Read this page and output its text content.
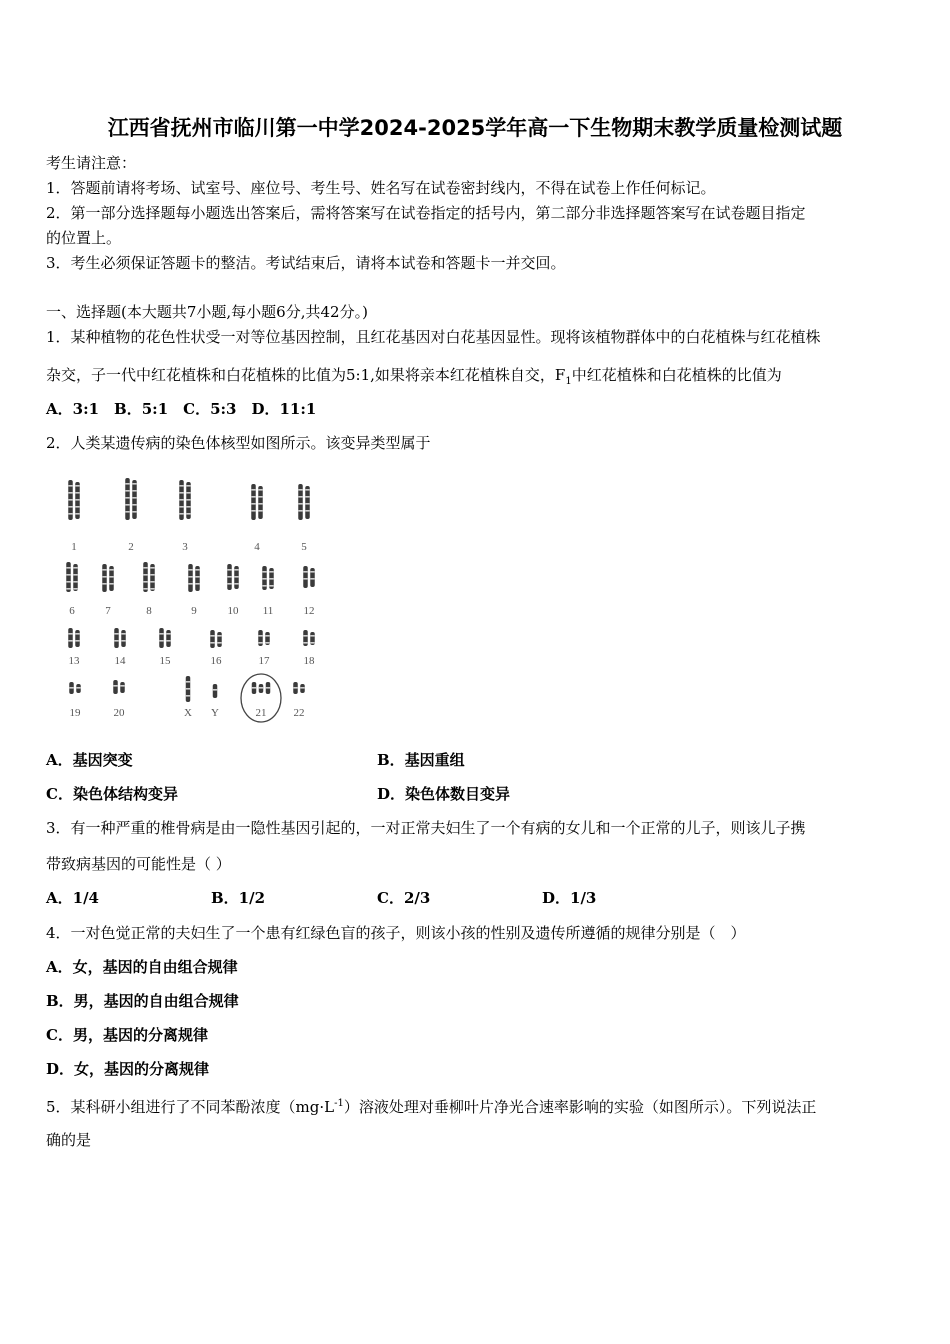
江西省抚州市临川第一中学2024-2025学年高一下生物期末教学质量检测试题
考生请注意：
1．答题前请将考场、试室号、座位号、考生号、姓名写在试卷密封线内，不得在试卷上作任何标记。
2．第一部分选择题每小题选出答案后，需将答案写在试卷指定的括号内，第二部分非选择题答案写在试卷题目指定
的位置上。
3．考生必须保证答题卡的整洁。考试结束后，请将本试卷和答题卡一并交回。
一、选择题(本大题共7小题,每小题6分,共42分。)
1．某种植物的花色性状受一对等位基因控制，且红花基因对白花基因显性。现将该植物群体中的白花植株与红花植株
杂交，子一代中红花植株和白花植株的比值为5:1,如果将亲本红花植株自交，$F_1$中红花植株和白花植株的比值为
A．3:1　B．5:1　C．5:3　D．11:1
2．人类某遗传病的染色体核型如图所示。该变异类型属于
1	2	3	4	5
6	7	8	9	10 11	12
13	14	15	16	17	18
19	20	X Y	21 22
A．基因突变	B．基因重组
C．染色体结构变异	D．染色体数目变异
3．有一种严重的椎骨病是由一隐性基因引起的，一对正常夫妇生了一个有病的女儿和一个正常的儿子，则该儿子携
带致病基因的可能性是（ ）
A．1/4	B．1/2	C．2/3	D．1/3
4．一对色觉正常的夫妇生了一个患有红绿色盲的孩子，则该小孩的性别及遗传所遵循的规律分别是（　）
A．女，基因的自由组合规律
B．男，基因的自由组合规律
C．男，基因的分离规律
D．女，基因的分离规律
5．某科研小组进行了不同苯酚浓度$(mg\cdot L^{-1})$溶液处理对垂柳叶片净光合速率影响的实验（如图所示）。下列说法正
确的是
